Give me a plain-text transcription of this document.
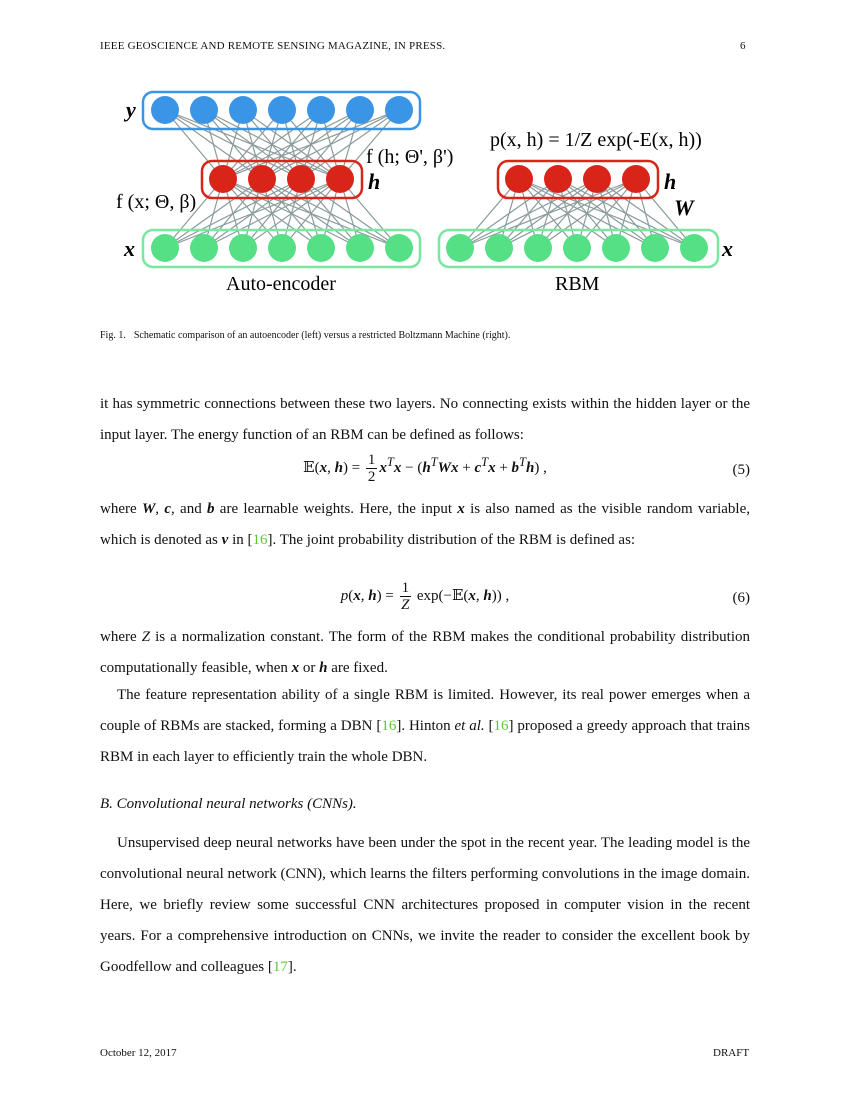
IEEE GEOSCIENCE AND REMOTE SENSING MAGAZINE, IN PRESS.	6
y
h
x
f (h; Θ', β')
f (x; Θ, β)
p(x, h) = 1/Z exp(-E(x, h))
h
W
x
Auto-encoder	RBM
Fig. 1. Schematic comparison of an autoencoder (left) versus a restricted Boltzmann Machine (right).
it has symmetric connections between these two layers. No connecting exists within the hidden layer or the input layer. The energy function of an RBM can be defined as follows:
𝔼(x, $h) = \frac{1}{2} x^Tx - (h^TWx + c^Tx + b^Th)$ ,	(5)
where W, c, and b are learnable weights. Here, the input x is also named as the visible random variable, which is denoted as v in [16]. The joint probability distribution of the RBM is defined as:
p(x, $h) = \frac{1}{Z}$ exp(−𝔼(x, h)) ,	(6)
where Z is a normalization constant. The form of the RBM makes the conditional probability distribution computationally feasible, when x or h are fixed.
The feature representation ability of a single RBM is limited. However, its real power emerges when a couple of RBMs are stacked, forming a DBN [16]. Hinton et al. [16] proposed a greedy approach that trains RBM in each layer to efficiently train the whole DBN.
B. Convolutional neural networks (CNNs).
Unsupervised deep neural networks have been under the spot in the recent year. The leading model is the convolutional neural network (CNN), which learns the filters performing convolutions in the image domain. Here, we briefly review some successful CNN architectures proposed in computer vision in the recent years. For a comprehensive introduction on CNNs, we invite the reader to consider the excellent book by Goodfellow and colleagues [17].
October 12, 2017	DRAFT
